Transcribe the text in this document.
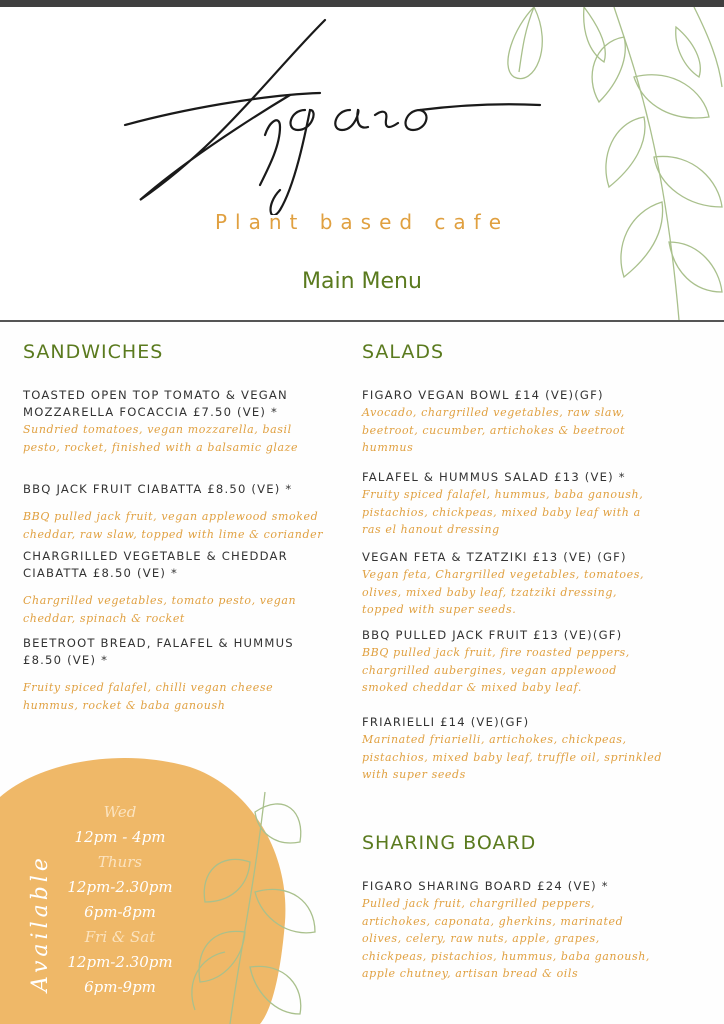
Plant based cafe
Main Menu
Available
Wed
12pm - 4pm
Thurs
12pm-2.30pm
6pm-8pm
Fri & Sat
12pm-2.30pm
6pm-9pm
SANDWICHES
TOASTED OPEN TOP TOMATO & VEGAN MOZZARELLA FOCACCIA £7.50 (VE) *
Sundried tomatoes, vegan mozzarella, basil pesto, rocket, finished with a balsamic glaze
BBQ JACK FRUIT CIABATTA £8.50 (VE) *
BBQ pulled jack fruit, vegan applewood smoked cheddar, raw slaw, topped with lime & coriander
CHARGRILLED VEGETABLE & CHEDDAR CIABATTA £8.50 (VE) *
Chargrilled vegetables, tomato pesto, vegan cheddar, spinach & rocket
BEETROOT BREAD, FALAFEL & HUMMUS £8.50 (VE) *
Fruity spiced falafel, chilli vegan cheese hummus, rocket & baba ganoush
SALADS
FIGARO VEGAN BOWL £14 (VE)(GF)
Avocado, chargrilled vegetables, raw slaw, beetroot, cucumber, artichokes & beetroot hummus
FALAFEL & HUMMUS SALAD £13 (VE) *
Fruity spiced falafel, hummus, baba ganoush, pistachios, chickpeas, mixed baby leaf with a ras el hanout dressing
VEGAN FETA & TZATZIKI £13 (VE) (GF)
Vegan feta, Chargrilled vegetables, tomatoes, olives, mixed baby leaf, tzatziki dressing, topped with super seeds.
BBQ PULLED JACK FRUIT £13 (VE)(GF)
BBQ pulled jack fruit, fire roasted peppers, chargrilled aubergines, vegan applewood smoked cheddar & mixed baby leaf.
FRIARIELLI £14 (VE)(GF)
Marinated friarielli, artichokes, chickpeas, pistachios, mixed baby leaf, truffle oil, sprinkled with super seeds
SHARING BOARD
FIGARO SHARING BOARD £24 (VE) *
Pulled jack fruit, chargrilled peppers, artichokes, caponata, gherkins, marinated olives, celery, raw nuts, apple, grapes, chickpeas, pistachios, hummus, baba ganoush, apple chutney, artisan bread & oils
